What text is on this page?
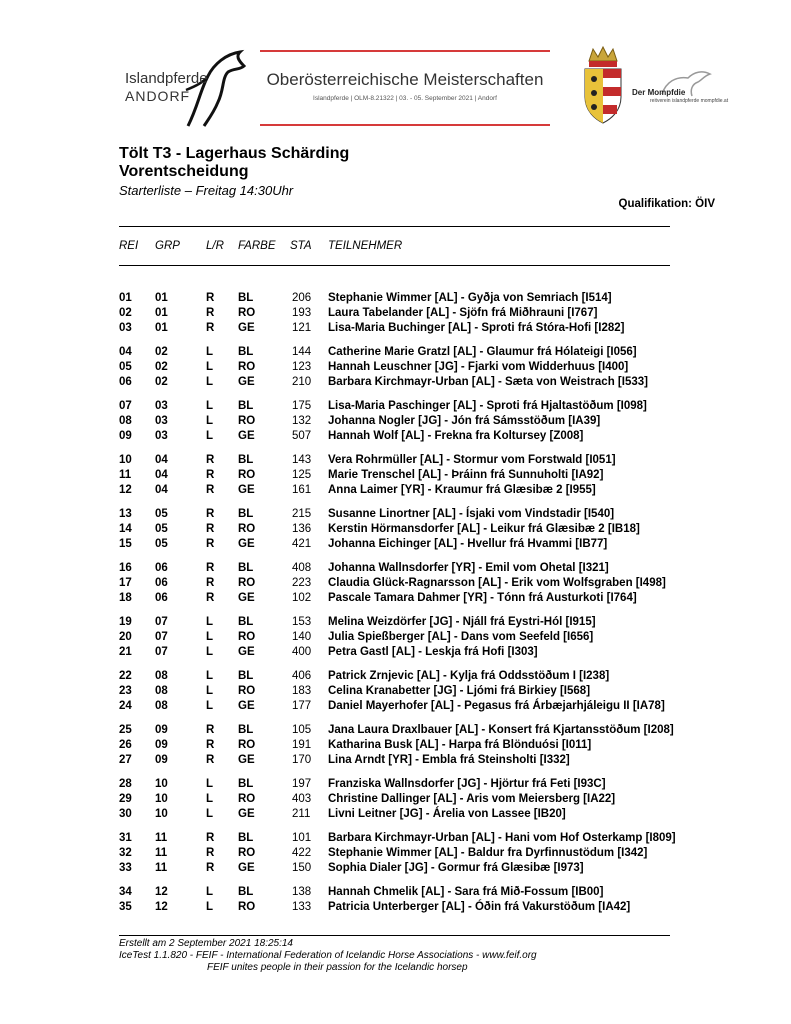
Islandpferde
ANDORF
Oberösterreichische Meisterschaften
Islandpferde | OLM-8.21322 | 03. - 05. September 2021 | Andorf
Der Mompfdie
reitverein islandpferde mompfdie.at
Tölt T3 - Lagerhaus Schärding
Vorentscheidung
Starterliste – Freitag 14:30Uhr
Qualifikation: ÖIV
REI GRP L/R FARBE STA TEILNEHMER
01 01	R BL	206 Stephanie Wimmer [AL] - Gyðja von Semriach [I514]
02 01	R RO	193 Laura Tabelander [AL] - Sjöfn frá Miðhrauni [I767]
03 01	R GE	121 Lisa-Maria Buchinger [AL] - Sproti frá Stóra-Hofi [I282]
04 02	L BL	144 Catherine Marie Gratzl [AL] - Glaumur frá Hólateigi [I056]
05 02	L RO	123 Hannah Leuschner [JG] - Fjarki vom Widderhuus [I400]
06 02	L GE	210 Barbara Kirchmayr-Urban [AL] - Sæta von Weistrach [I533]
07 03	L BL	175 Lisa-Maria Paschinger [AL] - Sproti frá Hjaltastöðum [I098]
08 03	L RO	132 Johanna Nogler [JG] - Jón frá Sámsstöðum [IA39]
09 03	L GE	507 Hannah Wolf [AL] - Frekna fra Koltursey [Z008]
10 04	R BL	143 Vera Rohrmüller [AL] - Stormur vom Forstwald [I051]
11 04	R RO	125 Marie Trenschel [AL] - Þráinn frá Sunnuholti [IA92]
12 04	R GE	161 Anna Laimer [YR] - Kraumur frá Glæsibæ 2 [I955]
13 05	R BL	215 Susanne Linortner [AL] - Ísjaki vom Vindstadir [I540]
14 05	R RO	136 Kerstin Hörmansdorfer [AL] - Leikur frá Glæsibæ 2 [IB18]
15 05	R GE	421 Johanna Eichinger [AL] - Hvellur frá Hvammi [IB77]
16 06	R BL	408 Johanna Wallnsdorfer [YR] - Emil vom Ohetal [I321]
17 06	R RO	223 Claudia Glück-Ragnarsson [AL] - Erik vom Wolfsgraben [I498]
18 06	R GE	102 Pascale Tamara Dahmer [YR] - Tónn frá Austurkoti [I764]
19 07	L BL	153 Melina Weizdörfer [JG] - Njáll frá Eystri-Hól [I915]
20 07	L RO	140 Julia Spießberger [AL] - Dans vom Seefeld [I656]
21 07	L GE	400 Petra Gastl [AL] - Leskja frá Hofi [I303]
22 08	L BL	406 Patrick Zrnjevic [AL] - Kylja frá Oddsstöðum I [I238]
23 08	L RO	183 Celina Kranabetter [JG] - Ljómi frá Birkiey [I568]
24 08	L GE	177 Daniel Mayerhofer [AL] - Pegasus frá Árbæjarhjáleigu II [IA78]
25 09	R BL	105 Jana Laura Draxlbauer [AL] - Konsert frá Kjartansstöðum [I208]
26 09	R RO	191 Katharina Busk [AL] - Harpa frá Blönduósi [I011]
27 09	R GE	170 Lina Arndt [YR] - Embla frá Steinsholti [I332]
28 10	L BL	197 Franziska Wallnsdorfer [JG] - Hjörtur frá Feti [I93C]
29 10	L RO	403 Christine Dallinger [AL] - Aris vom Meiersberg [IA22]
30 10	L GE	211 Livni Leitner [JG] - Árelia von Lassee [IB20]
31 11	R BL	101 Barbara Kirchmayr-Urban [AL] - Hani vom Hof Osterkamp [I809]
32 11	R RO	422 Stephanie Wimmer [AL] - Baldur fra Dyrfinnustödum [I342]
33 11	R GE	150 Sophia Dialer [JG] - Gormur frá Glæsibæ [I973]
34 12	L BL	138 Hannah Chmelik [AL] - Sara frá Mið-Fossum [IB00]
35 12	L RO	133 Patricia Unterberger [AL] - Óðin frá Vakurstöðum [IA42]
Erstellt am 2 September 2021 18:25:14
IceTest 1.1.820 - FEIF - International Federation of Icelandic Horse Associations - www.feif.org
FEIF unites people in their passion for the Icelandic horsep
